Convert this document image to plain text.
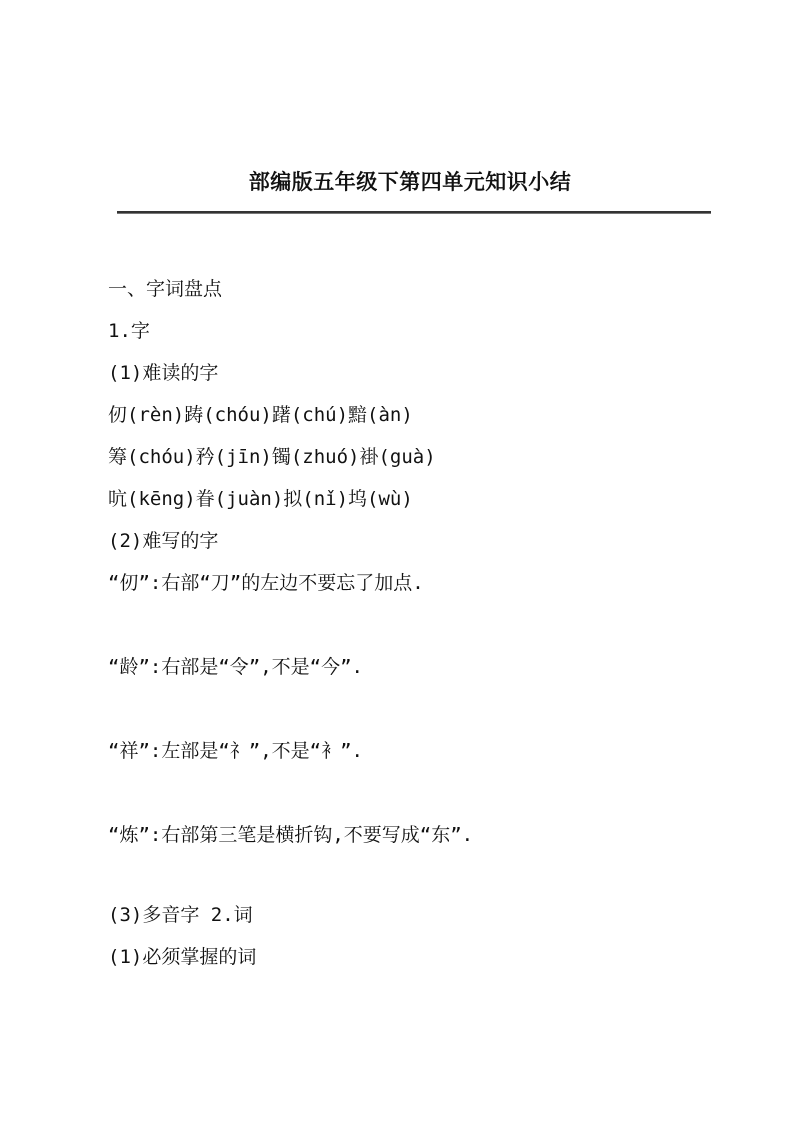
部编版五年级下第四单元知识小结
一、字词盘点
1.字
(1)难读的字
仞(rèn)踌(chóu)躇(chú)黯(àn)
筹(chóu)矜(jīn)镯(zhuó)褂(guà)
吭(kēng)眷(juàn)拟(nǐ)坞(wù)
(2)难写的字
“仞”:右部“刀”的左边不要忘了加点.
“龄”:右部是“令”,不是“今”.
“祥”:左部是“礻”,不是“衤”.
“炼”:右部第三笔是横折钩,不要写成“东”.
(3)多音字 2.词
(1)必须掌握的词
